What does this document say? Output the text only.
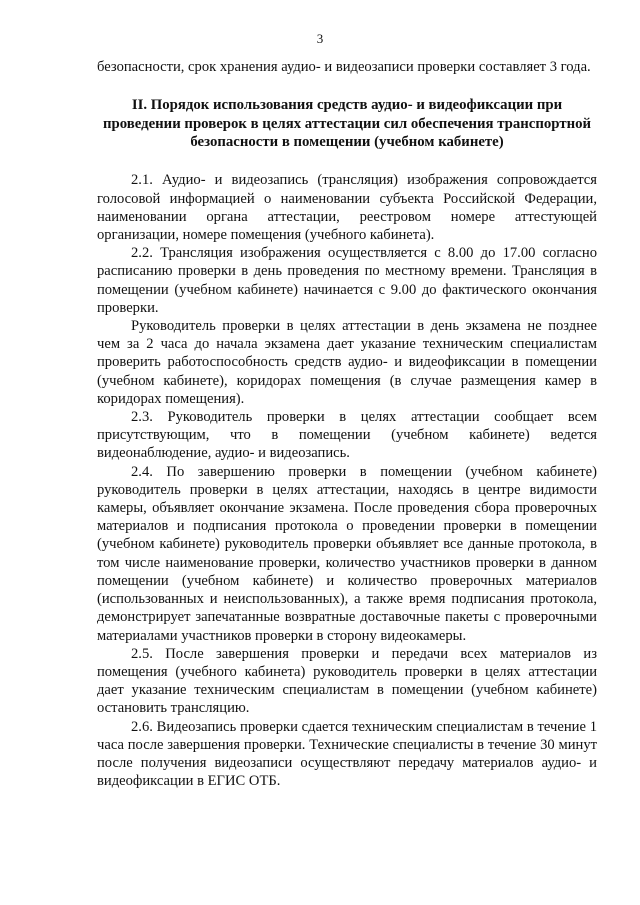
3

безопасности, срок хранения аудио- и видеозаписи проверки составляет 3 года.

II. Порядок использования средств аудио- и видеофиксации при проведении проверок в целях аттестации сил обеспечения транспортной безопасности в помещении (учебном кабинете)

2.1. Аудио- и видеозапись (трансляция) изображения сопровождается голосовой информацией о наименовании субъекта Российской Федерации, наименовании органа аттестации, реестровом номере аттестующей организации, номере помещения (учебного кабинета).

2.2. Трансляция изображения осуществляется с 8.00 до 17.00 согласно расписанию проверки в день проведения по местному времени. Трансляция в помещении (учебном кабинете) начинается с 9.00 до фактического окончания проверки.

Руководитель проверки в целях аттестации в день экзамена не позднее чем за 2 часа до начала экзамена дает указание техническим специалистам проверить работоспособность средств аудио- и видеофиксации в помещении (учебном кабинете), коридорах помещения (в случае размещения камер в коридорах помещения).

2.3. Руководитель проверки в целях аттестации сообщает всем присутствующим, что в помещении (учебном кабинете) ведется видеонаблюдение, аудио- и видеозапись.

2.4. По завершению проверки в помещении (учебном кабинете) руководитель проверки в целях аттестации, находясь в центре видимости камеры, объявляет окончание экзамена. После проведения сбора проверочных материалов и подписания протокола о проведении проверки в помещении (учебном кабинете) руководитель проверки объявляет все данные протокола, в том числе наименование проверки, количество участников проверки в данном помещении (учебном кабинете) и количество проверочных материалов (использованных и неиспользованных), а также время подписания протокола, демонстрирует запечатанные возвратные доставочные пакеты с проверочными материалами участников проверки в сторону видеокамеры.

2.5. После завершения проверки и передачи всех материалов из помещения (учебного кабинета) руководитель проверки в целях аттестации дает указание техническим специалистам в помещении (учебном кабинете) остановить трансляцию.

2.6. Видеозапись проверки сдается техническим специалистам в течение 1 часа после завершения проверки. Технические специалисты в течение 30 минут после получения видеозаписи осуществляют передачу материалов аудио- и видеофиксации в ЕГИС ОТБ.
